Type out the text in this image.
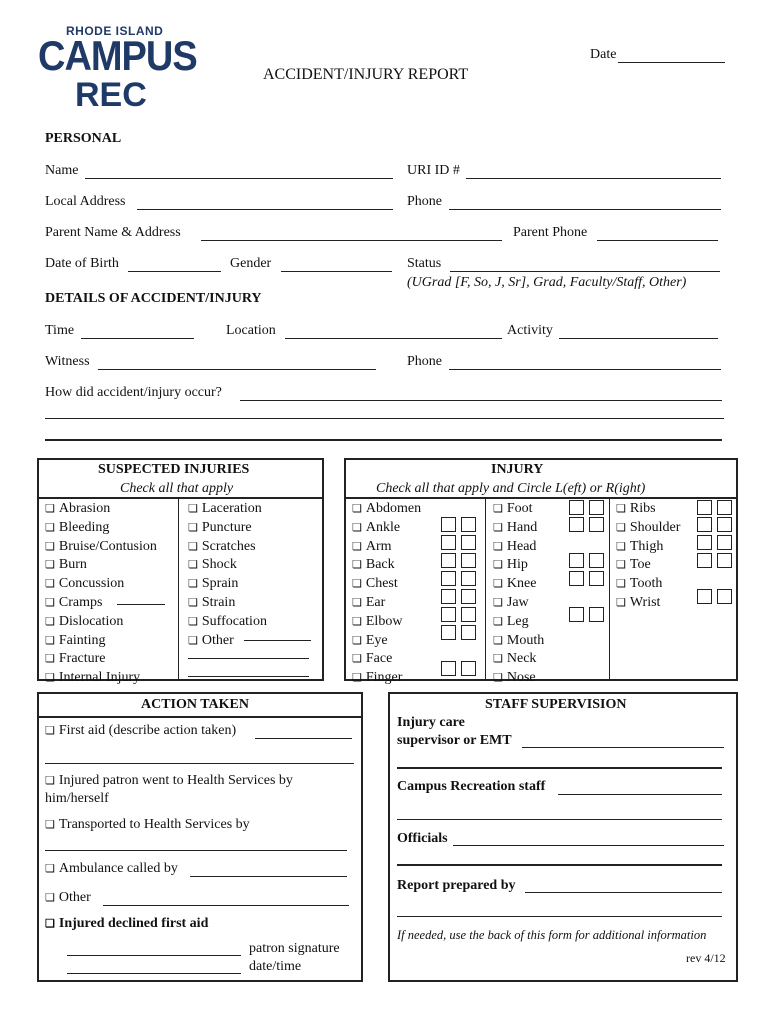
RHODE ISLAND
CAMPUS
REC
Date
ACCIDENT/INJURY REPORT
PERSONAL
Name	URI ID #
Local Address	Phone
Parent Name & Address	Parent Phone
Date of Birth	Gender	Status
(UGrad [F, So, J, Sr], Grad, Faculty/Staff, Other)
DETAILS OF ACCIDENT/INJURY
Time	Location	Activity
Witness	Phone
How did accident/injury occur?
SUSPECTED INJURIES
Check all that apply
❏ Abrasion
❏ Bleeding
❏ Bruise/Contusion
❏ Burn
❏ Concussion
❏ Cramps
❏ Dislocation
❏ Fainting
❏ Fracture
❏ Internal Injury
❏ Laceration
❏ Puncture
❏ Scratches
❏ Shock
❏ Sprain
❏ Strain
❏ Suffocation
❏ Other
INJURY
Check all that apply and Circle L(eft) or R(ight)
❏ Abdomen
❏ Ankle
❏ Arm
❏ Back
❏ Chest
❏ Ear
❏ Elbow
❏ Eye
❏ Face
❏ Finger
❏ Foot
❏ Hand
❏ Head
❏ Hip
❏ Knee
❏ Jaw
❏ Leg
❏ Mouth
❏ Neck
❏ Nose
❏ Ribs
❏ Shoulder
❏ Thigh
❏ Toe
❏ Tooth
❏ Wrist
ACTION TAKEN
❏ First aid (describe action taken)
❏ Injured patron went to Health Services by
him/herself
❏ Transported to Health Services by
❏ Ambulance called by
❏ Other
❏ Injured declined first aid
patron signature
date/time
STAFF SUPERVISION
Injury care
supervisor or EMT
Campus Recreation staff
Officials
Report prepared by
If needed, use the back of this form for additional information
rev 4/12
